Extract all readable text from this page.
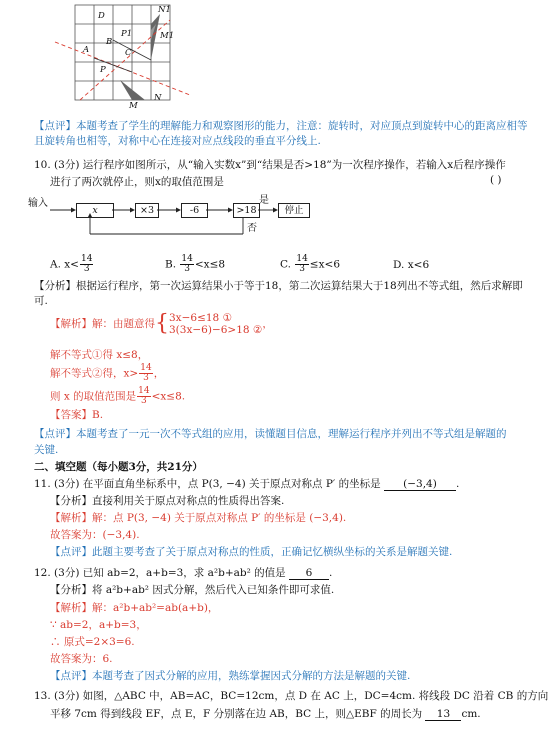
N1
M1
D
P1
B
A	C
P
M
N
【点评】本题考查了学生的理解能力和观察图形的能力，注意：旋转时，对应顶点到旋转中心的距离应相等且旋转角也相等，对称中心在连接对应点线段的垂直平分线上.
10. (3分) 运行程序如图所示，从“输入实数x”到“结果是否>18”为一次程序操作，若输入x后程序操作
进行了两次就停止，则x的取值范围是	( )
输入
x	×3	-6	>18	停止
是
否
A. $x< \frac{14}{3}$	B. $\frac{14}{3} <x\le 8$	C. $\frac{14}{3} \le x<6$	D. x<6
【分析】根据运行程序，第一次运算结果小于等于18，第二次运算结果大于18列出不等式组，然后求解即可.
【解析】解：由题意得{3x−6≤18 ①
3(3x−6)−6>18 ②，
解不等式①得 x≤8，
解不等式②得，$x> \frac{14}{3}$ ，
则 x 的取值范围是 $\frac{14}{3} <x\le 8$.
【答案】B.
【点评】本题考查了一元一次不等式组的应用，读懂题目信息，理解运行程序并列出不等式组是解题的
关键.
二、填空题（每小题3分，共21分）
11. (3分) 在平面直角坐标系中，点 P(3, −4) 关于原点对称点 P′ 的坐标是 (−3,4) .
【分析】直接利用关于原点对称点的性质得出答案.
【解析】解：点 P(3, −4) 关于原点对称点 P′ 的坐标是 (−3,4).
故答案为：(−3,4).
【点评】此题主要考查了关于原点对称点的性质，正确记忆横纵坐标的关系是解题关键.
12. (3分) 已知 ab=2，a+b=3，求 a²b+ab² 的值是 6 .
【分析】将 a²b+ab² 因式分解，然后代入已知条件即可求值.
【解析】解：a²b+ab²=ab(a+b)，
∵ ab=2，a+b=3，
∴ 原式=2×3=6.
故答案为：6.
【点评】本题考查了因式分解的应用，熟练掌握因式分解的方法是解题的关键.
13. (3分) 如图，△ABC 中，AB=AC，BC=12cm，点 D 在 AC 上，DC=4cm. 将线段 DC 沿着 CB 的方向
平移 7cm 得到线段 EF，点 E，F 分别落在边 AB，BC 上，则△EBF 的周长为 13 cm.
